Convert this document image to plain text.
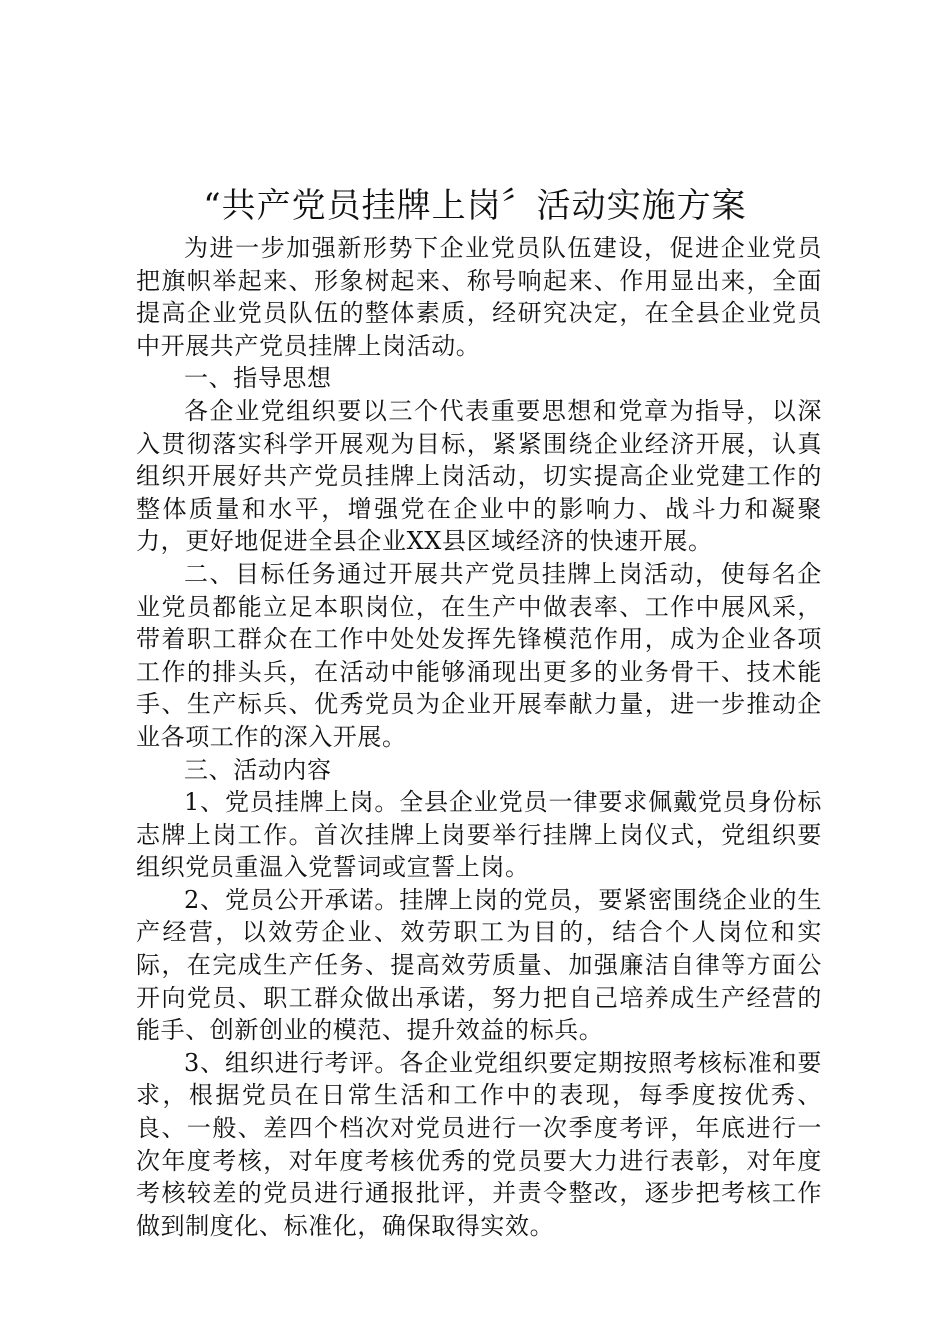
“共产党员挂牌上岗〞活动实施方案

为进一步加强新形势下企业党员队伍建设，促进企业党员把旗帜举起来、形象树起来、称号响起来、作用显出来，全面提高企业党员队伍的整体素质，经研究决定，在全县企业党员中开展共产党员挂牌上岗活动。

一、指导思想

各企业党组织要以三个代表重要思想和党章为指导，以深入贯彻落实科学开展观为目标，紧紧围绕企业经济开展，认真组织开展好共产党员挂牌上岗活动，切实提高企业党建工作的整体质量和水平，增强党在企业中的影响力、战斗力和凝聚力，更好地促进全县企业XX县区域经济的快速开展。

二、目标任务通过开展共产党员挂牌上岗活动，使每名企业党员都能立足本职岗位，在生产中做表率、工作中展风采，带着职工群众在工作中处处发挥先锋模范作用，成为企业各项工作的排头兵，在活动中能够涌现出更多的业务骨干、技术能手、生产标兵、优秀党员为企业开展奉献力量，进一步推动企业各项工作的深入开展。

三、活动内容

1、党员挂牌上岗。全县企业党员一律要求佩戴党员身份标志牌上岗工作。首次挂牌上岗要举行挂牌上岗仪式，党组织要组织党员重温入党誓词或宣誓上岗。

2、党员公开承诺。挂牌上岗的党员，要紧密围绕企业的生产经营，以效劳企业、效劳职工为目的，结合个人岗位和实际，在完成生产任务、提高效劳质量、加强廉洁自律等方面公开向党员、职工群众做出承诺，努力把自己培养成生产经营的能手、创新创业的模范、提升效益的标兵。

3、组织进行考评。各企业党组织要定期按照考核标准和要求，根据党员在日常生活和工作中的表现，每季度按优秀、良、一般、差四个档次对党员进行一次季度考评，年底进行一次年度考核，对年度考核优秀的党员要大力进行表彰，对年度考核较差的党员进行通报批评，并责令整改，逐步把考核工作做到制度化、标准化，确保取得实效。
